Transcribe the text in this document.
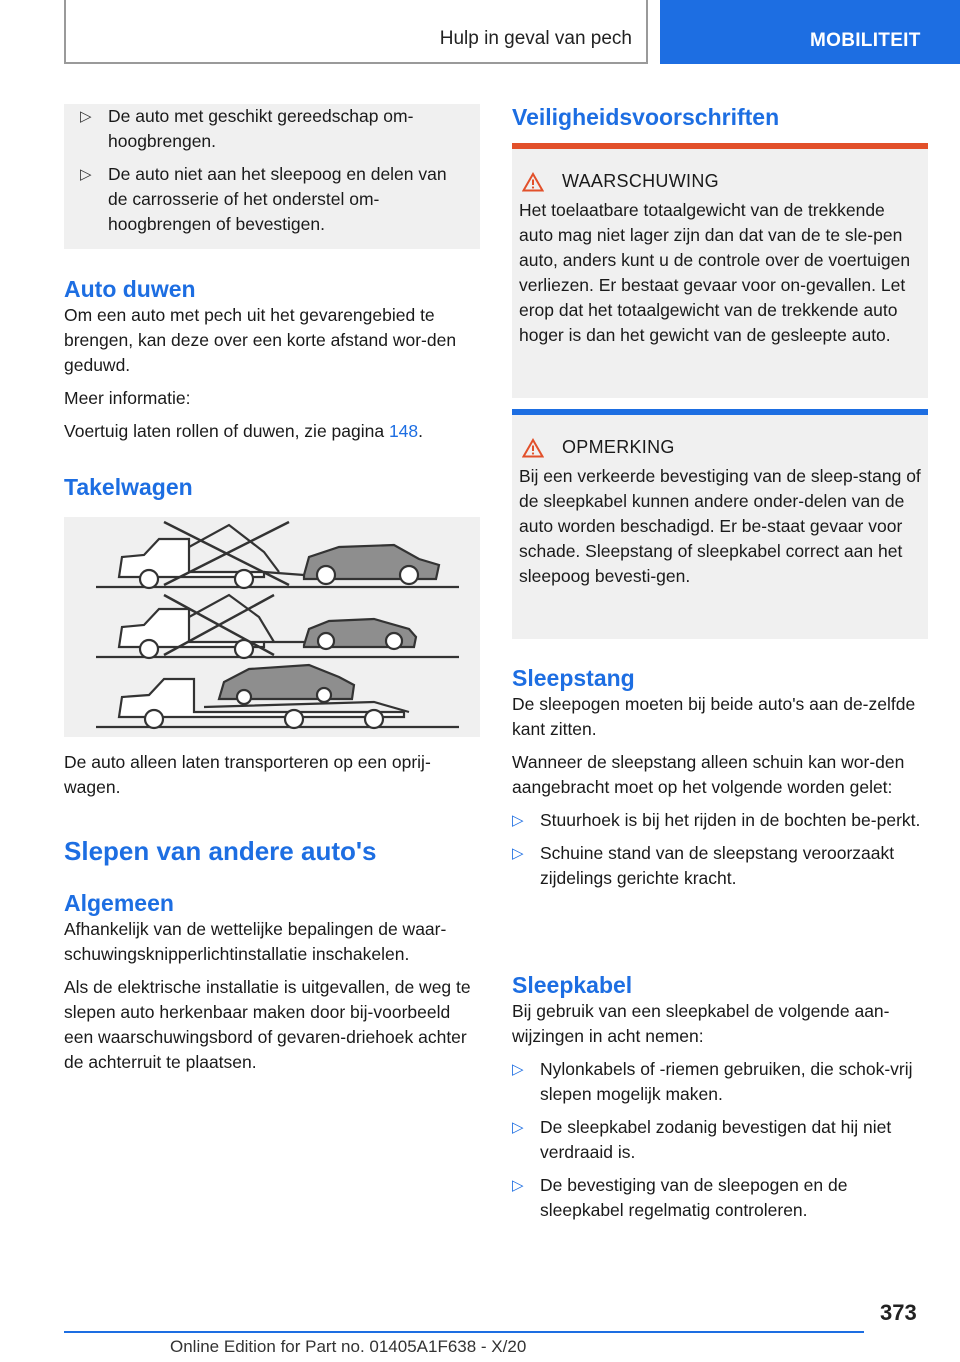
Hulp in geval van pech	MOBILITEIT
▷ De auto met geschikt gereedschap om-hoogbrengen.
▷ De auto niet aan het sleepoog en delen van de carrosserie of het onderstel om-hoogbrengen of bevestigen.

Auto duwen

Om een auto met pech uit het gevarengebied te brengen, kan deze over een korte afstand wor-den geduwd.

Meer informatie:

Voertuig laten rollen of duwen, zie pagina 148.

Takelwagen

De auto alleen laten transporteren op een oprij-wagen.

Slepen van andere auto's

Algemeen

Afhankelijk van de wettelijke bepalingen de waar-schuwingsknipperlichtinstallatie inschakelen.

Als de elektrische installatie is uitgevallen, de weg te slepen auto herkenbaar maken door bij-voorbeeld een waarschuwingsbord of gevaren-driehoek achter de achterruit te plaatsen.

Veiligheidsvoorschriften

WAARSCHUWING

Het toelaatbare totaalgewicht van de trekkende auto mag niet lager zijn dan dat van de te sle-pen auto, anders kunt u de controle over de voertuigen verliezen. Er bestaat gevaar voor on-gevallen. Let erop dat het totaalgewicht van de trekkende auto hoger is dan het gewicht van de gesleepte auto.

OPMERKING

Bij een verkeerde bevestiging van de sleep-stang of de sleepkabel kunnen andere onder-delen van de auto worden beschadigd. Er be-staat gevaar voor schade. Sleepstang of sleepkabel correct aan het sleepoog bevesti-gen.

Sleepstang

De sleepogen moeten bij beide auto's aan de-zelfde kant zitten.

Wanneer de sleepstang alleen schuin kan wor-den aangebracht moet op het volgende worden gelet:

▷ Stuurhoek is bij het rijden in de bochten be-perkt.
▷ Schuine stand van de sleepstang veroorzaakt zijdelings gerichte kracht.

Sleepkabel

Bij gebruik van een sleepkabel de volgende aan-wijzingen in acht nemen:

▷ Nylonkabels of -riemen gebruiken, die schok-vrij slepen mogelijk maken.
▷ De sleepkabel zodanig bevestigen dat hij niet verdraaid is.
▷ De bevestiging van de sleepogen en de sleepkabel regelmatig controleren.
373
Online Edition for Part no. 01405A1F638 - X/20
